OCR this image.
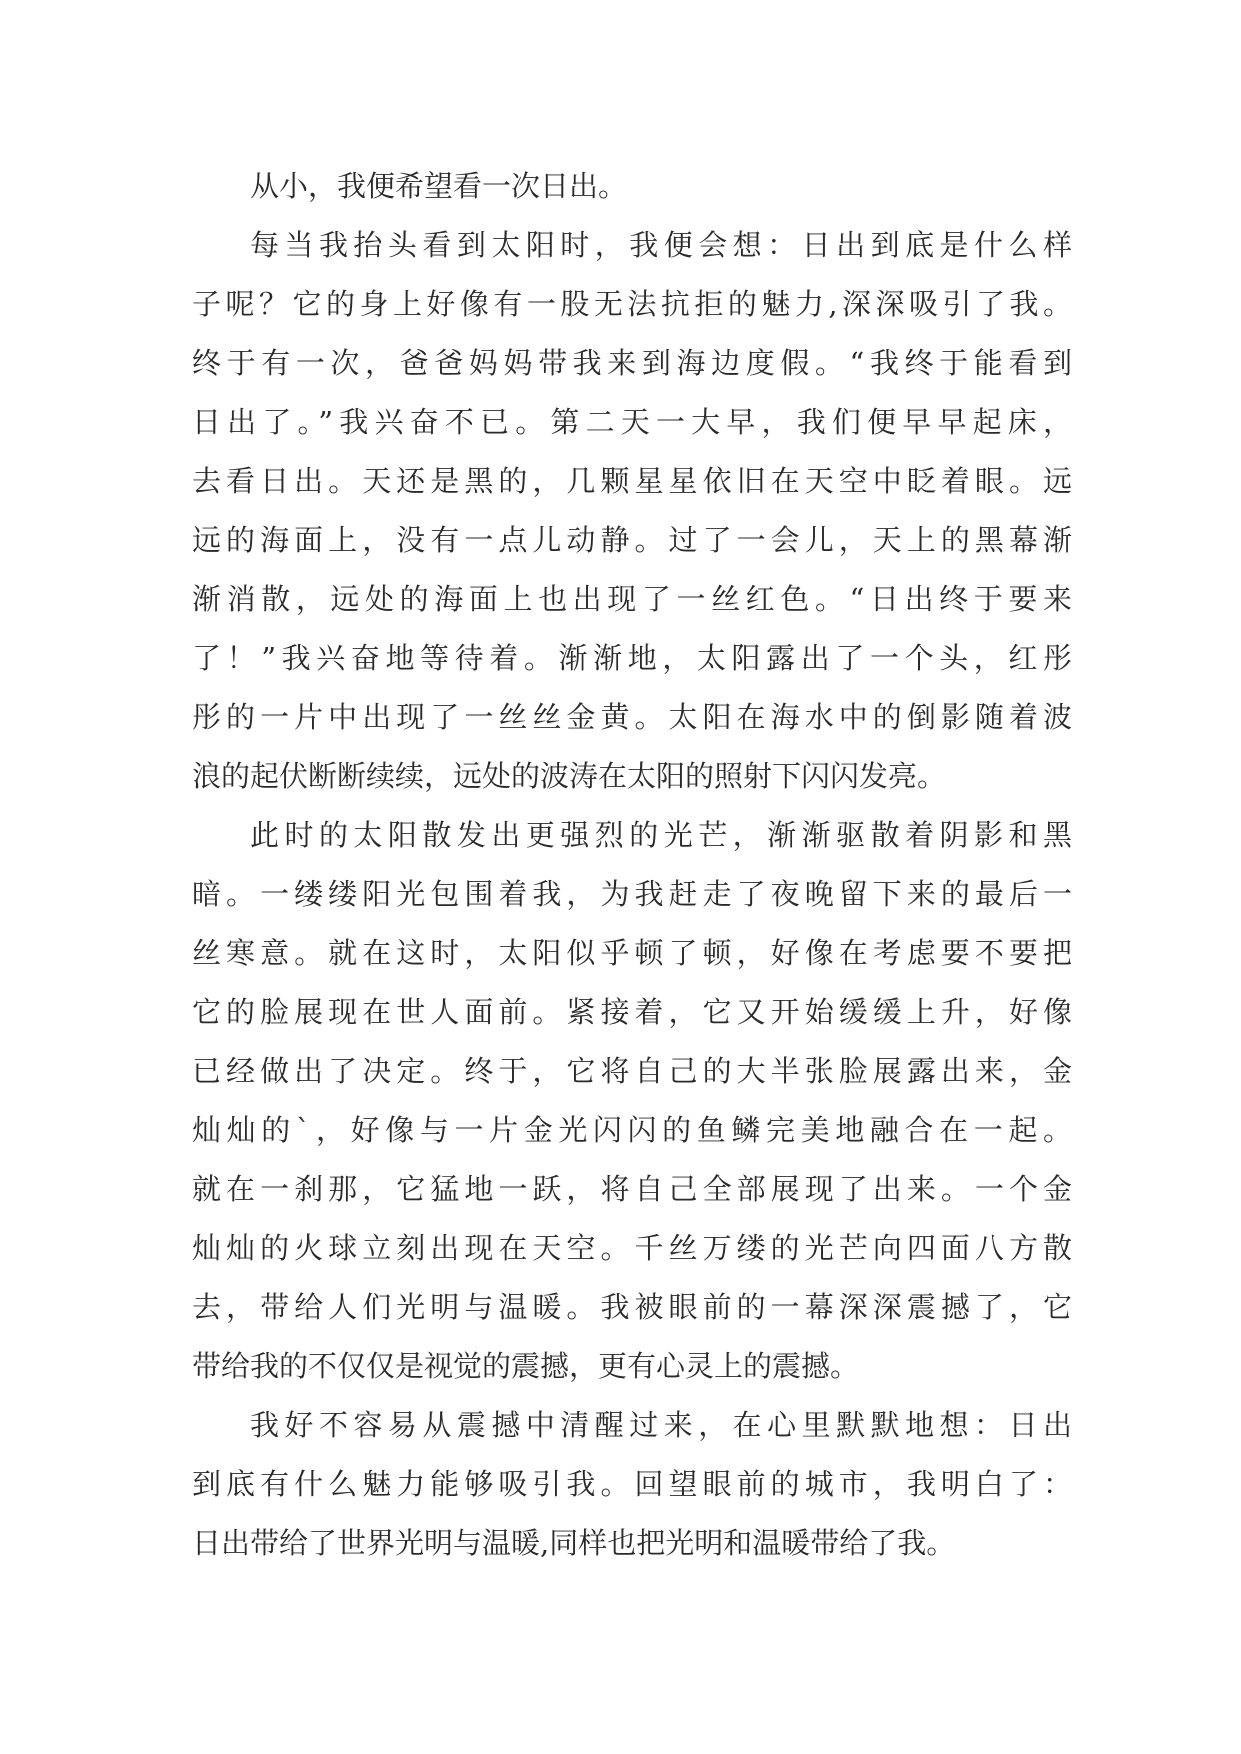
从小，我便希望看一次日出。
每当我抬头看到太阳时，我便会想：日出到底是什么样
子呢？它的身上好像有一股无法抗拒的魅力,深深吸引了我。
终于有一次，爸爸妈妈带我来到海边度假。“我终于能看到
日出了。”我兴奋不已。第二天一大早，我们便早早起床，
去看日出。天还是黑的，几颗星星依旧在天空中眨着眼。远
远的海面上，没有一点儿动静。过了一会儿，天上的黑幕渐
渐消散，远处的海面上也出现了一丝红色。“日出终于要来
了！”我兴奋地等待着。渐渐地，太阳露出了一个头，红彤
彤的一片中出现了一丝丝金黄。太阳在海水中的倒影随着波
浪的起伏断断续续，远处的波涛在太阳的照射下闪闪发亮。
此时的太阳散发出更强烈的光芒，渐渐驱散着阴影和黑
暗。一缕缕阳光包围着我，为我赶走了夜晚留下来的最后一
丝寒意。就在这时，太阳似乎顿了顿，好像在考虑要不要把
它的脸展现在世人面前。紧接着，它又开始缓缓上升，好像
已经做出了决定。终于，它将自己的大半张脸展露出来，金
灿灿的`，好像与一片金光闪闪的鱼鳞完美地融合在一起。
就在一刹那，它猛地一跃，将自己全部展现了出来。一个金
灿灿的火球立刻出现在天空。千丝万缕的光芒向四面八方散
去，带给人们光明与温暖。我被眼前的一幕深深震撼了，它
带给我的不仅仅是视觉的震撼，更有心灵上的震撼。
我好不容易从震撼中清醒过来，在心里默默地想：日出
到底有什么魅力能够吸引我。回望眼前的城市，我明白了：
日出带给了世界光明与温暖,同样也把光明和温暖带给了我。
